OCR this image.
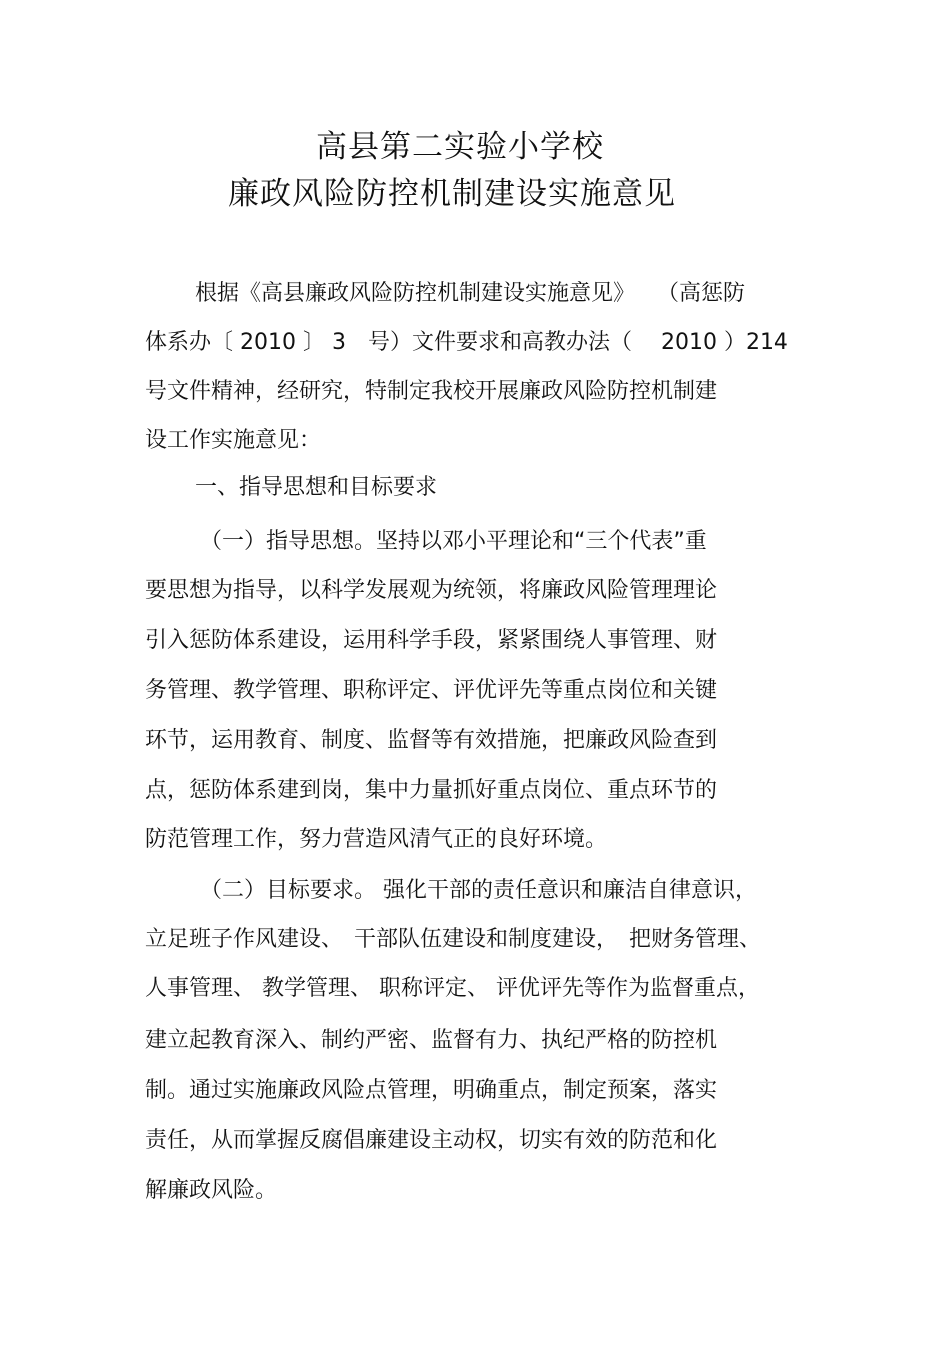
高县第二实验小学校
廉政风险防控机制建设实施意见
根据《高县廉政风险防控机制建设实施意见》　　（高惩防
体系办〔 2010 〕 3　号）文件要求和高教办法（　 2010 ）214
号文件精神，经研究，特制定我校开展廉政风险防控机制建
设工作实施意见：
一、指导思想和目标要求
（一）指导思想。坚持以邓小平理论和“三个代表”重
要思想为指导，以科学发展观为统领，将廉政风险管理理论
引入惩防体系建设，运用科学手段，紧紧围绕人事管理、财
务管理、教学管理、职称评定、评优评先等重点岗位和关键
环节，运用教育、制度、监督等有效措施，把廉政风险查到
点，惩防体系建到岗，集中力量抓好重点岗位、重点环节的
防范管理工作，努力营造风清气正的良好环境。
（二）目标要求。 强化干部的责任意识和廉洁自律意识，
立足班子作风建设、　干部队伍建设和制度建设，　把财务管理、
人事管理、 教学管理、 职称评定、 评优评先等作为监督重点，
建立起教育深入、制约严密、监督有力、执纪严格的防控机
制。通过实施廉政风险点管理，明确重点，制定预案，落实
责任，从而掌握反腐倡廉建设主动权，切实有效的防范和化
解廉政风险。
